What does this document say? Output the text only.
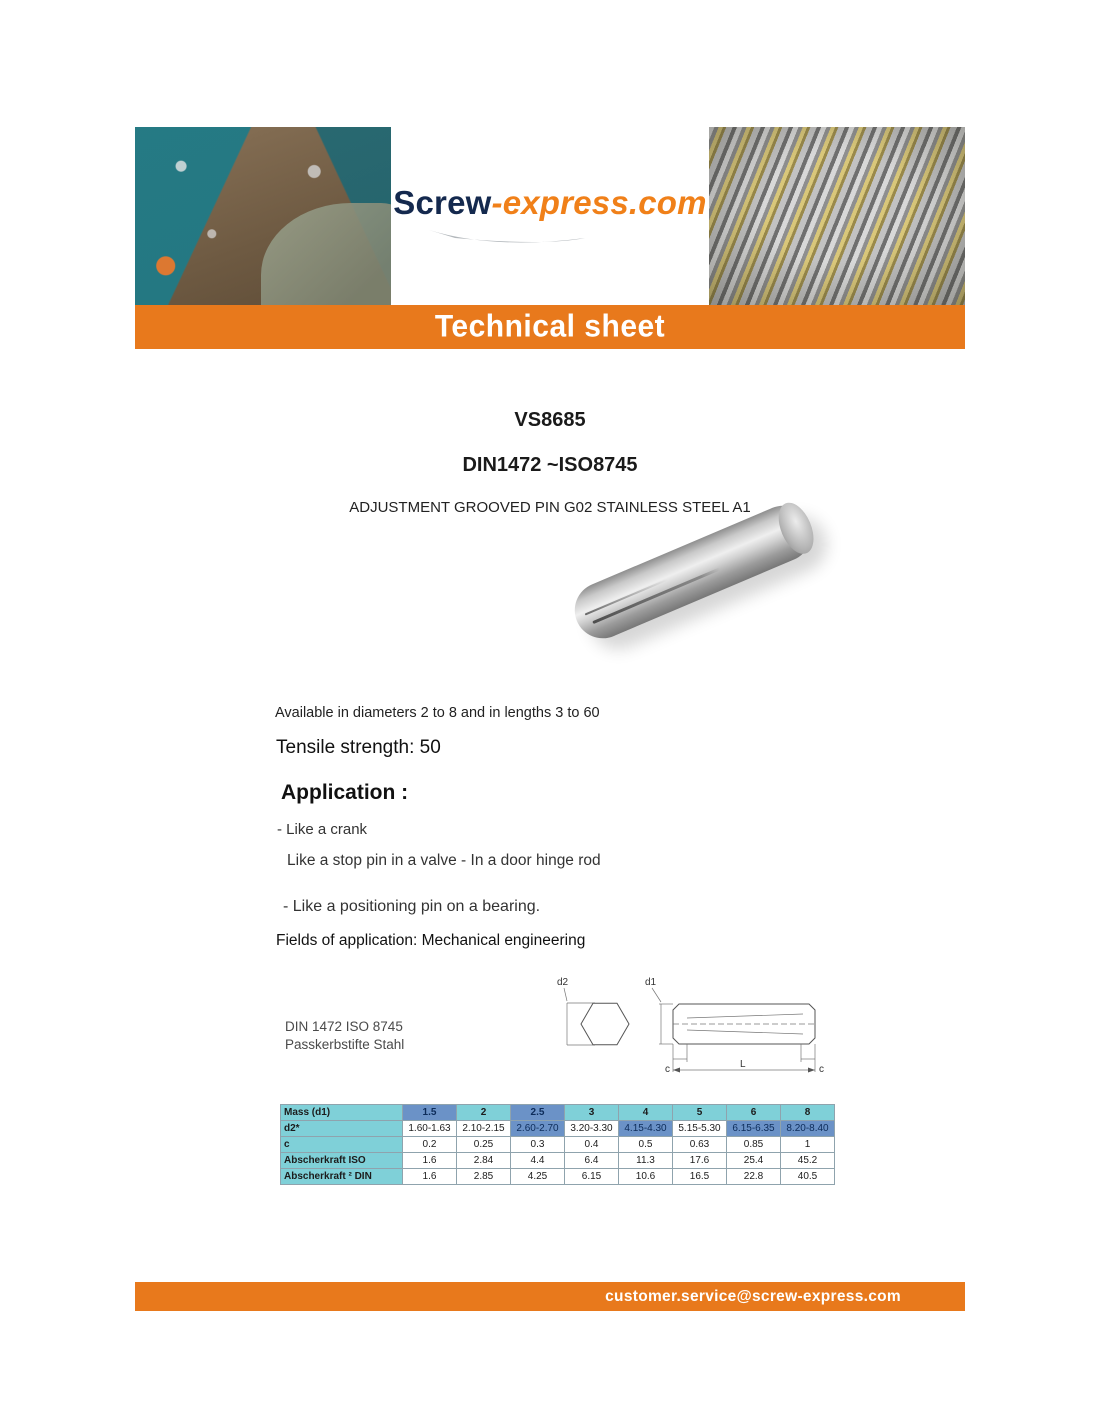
Screw-express.com
Technical sheet
VS8685
DIN1472 ~ISO8745
ADJUSTMENT GROOVED PIN G02 STAINLESS STEEL A1
Available in diameters 2 to 8 and in lengths 3 to 60
Tensile strength: 50
Application :
- Like a crank
Like a stop pin in a valve - In a door hinge rod
- Like a positioning pin on a bearing.
Fields of application: Mechanical engineering
DIN 1472 ISO 8745
Passkerbstifte Stahl
d2	d1
c	c
L
Mass (d1)	1.5	2	2.5	3	4	5	6	8
d2*	1.60-1.63	2.10-2.15	2.60-2.70	3.20-3.30	4.15-4.30	5.15-5.30	6.15-6.35	8.20-8.40
c	0.2	0.25	0.3	0.4	0.5	0.63	0.85	1
Abscherkraft ISO	1.6	2.84	4.4	6.4	11.3	17.6	25.4	45.2
Abscherkraft ² DIN	1.6	2.85	4.25	6.15	10.6	16.5	22.8	40.5
customer.service@screw-express.com
